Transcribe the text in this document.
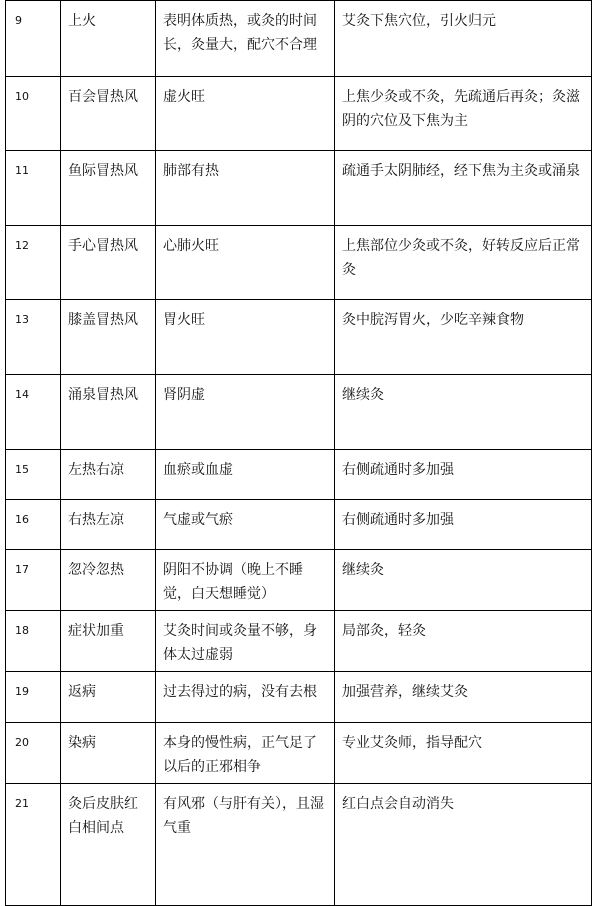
9	上火	表明体质热，或灸的时间长，灸量大，配穴不合理	艾灸下焦穴位，引火归元
10	百会冒热风	虚火旺	上焦少灸或不灸，先疏通后再灸；灸滋阴的穴位及下焦为主
11	鱼际冒热风	肺部有热	疏通手太阴肺经，经下焦为主灸或涌泉
12	手心冒热风	心肺火旺	上焦部位少灸或不灸，好转反应后正常灸
13	膝盖冒热风	胃火旺	灸中脘泻胃火，少吃辛辣食物
14	涌泉冒热风	肾阴虚	继续灸
15	左热右凉	血瘀或血虚	右侧疏通时多加强
16	右热左凉	气虚或气瘀	右侧疏通时多加强
17	忽冷忽热	阴阳不协调（晚上不睡觉，白天想睡觉）	继续灸
18	症状加重	艾灸时间或灸量不够，身体太过虚弱	局部灸，轻灸
19	返病	过去得过的病，没有去根	加强营养，继续艾灸
20	染病	本身的慢性病，正气足了以后的正邪相争	专业艾灸师，指导配穴
21	灸后皮肤红白相间点	有风邪（与肝有关），且湿气重	红白点会自动消失
